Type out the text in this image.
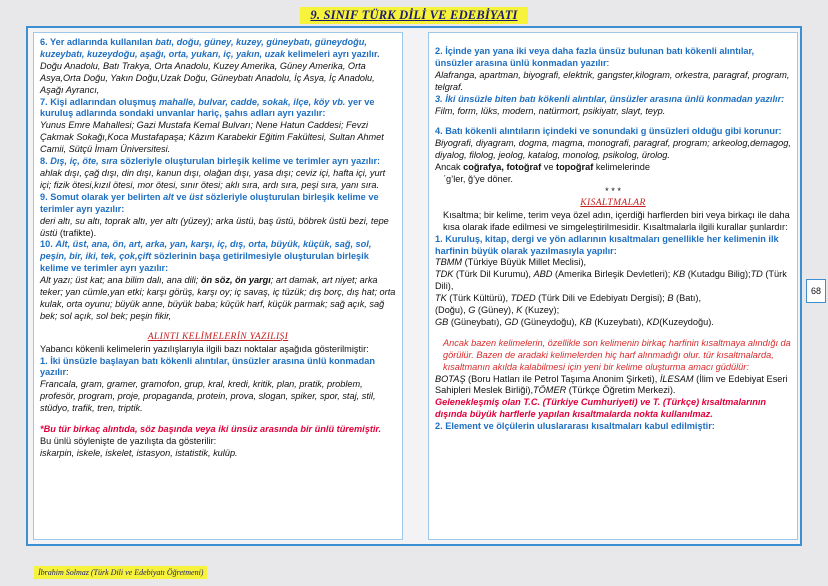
9. SINIF TÜRK DİLİ VE EDEBİYATI

6. Yer adlarında kullanılan batı, doğu, güney, kuzey, güneybatı, güneydoğu, kuzeybatı, kuzeydoğu, aşağı, orta, yukarı, iç, yakın, uzak kelimeleri ayrı yazılır.

Doğu Anadolu, Batı Trakya, Orta Anadolu, Kuzey Amerika, Güney Amerika, Orta Asya,Orta Doğu, Yakın Doğu,Uzak Doğu, Güneybatı Anadolu, İç Asya, İç Anadolu, Aşağı Ayrancı,

7. Kişi adlarından oluşmuş mahalle, bulvar, cadde, sokak, ilçe, köy vb. yer ve kuruluş adlarında sondaki unvanlar hariç, şahıs adları ayrı yazılır:

Yunus Emre Mahallesi; Gazi Mustafa Kemal Bulvarı; Nene Hatun Caddesi; Fevzi Çakmak Sokağı,Koca Mustafapaşa; Kâzım Karabekir Eğitim Fakültesi, Sultan Ahmet Camii, Sütçü İmam Üniversitesi.

8. Dış, iç, öte, sıra sözleriyle oluşturulan birleşik kelime ve terimler ayrı yazılır:

ahlak dışı, çağ dışı, din dışı, kanun dışı, olağan dışı, yasa dışı; ceviz içi, hafta içi, yurt içi; fizik ötesi,kızıl ötesi, mor ötesi, sınır ötesi; aklı sıra, ardı sıra, peşi sıra, yanı sıra.

9. Somut olarak yer belirten alt ve üst sözleriyle oluşturulan birleşik kelime ve terimler ayrı yazılır:

deri altı, su altı, toprak altı, yer altı (yüzey); arka üstü, baş üstü, böbrek üstü bezi, tepe üstü (trafikte).

10. Alt, üst, ana, ön, art, arka, yan, karşı, iç, dış, orta, büyük, küçük, sağ, sol, peşin, bir, iki, tek, çok,çift sözlerinin başa getirilmesiyle oluşturulan birleşik kelime ve terimler ayrı yazılır:

Alt yazı; üst kat; ana bilim dalı, ana dili; ön söz, ön yargı; art damak, art niyet; arka teker; yan cümle,yan etki; karşı görüş, karşı oy; iç savaş, iç tüzük; dış borç, dış hat; orta kulak, orta oyunu; büyük anne, büyük baba; küçük harf, küçük parmak; sağ açık, sağ bek; sol açık, sol bek; peşin fikir,

ALINTI KELİMELERİN YAZILIŞI

Yabancı kökenli kelimelerin yazılışlarıyla ilgili bazı noktalar aşağıda gösterilmiştir:

1. İki ünsüzle başlayan batı kökenli alıntılar, ünsüzler arasına ünlü konmadan yazılır:

Francala, gram, gramer, gramofon, grup, kral, kredi, kritik, plan, pratik, problem, profesör, program, proje, propaganda, protein, prova, slogan, spiker, spor, staj, stil, stüdyo, trafik, tren, triptik.

*Bu tür birkaç alıntıda, söz başında veya iki ünsüz arasında bir ünlü türemiştir.

Bu ünlü söylenişte de yazılışta da gösterilir:

iskarpin, iskele, iskelet, istasyon, istatistik, kulüp.

2. İçinde yan yana iki veya daha fazla ünsüz bulunan batı kökenli alıntılar, ünsüzler arasına ünlü konmadan yazılır:

Alafranga, apartman, biyografi, elektrik, gangster,kilogram, orkestra, paragraf, program, telgraf.

3. İki ünsüzle biten batı kökenli alıntılar, ünsüzler arasına ünlü konmadan yazılır:

Film, form, lüks, modern, natürmort, psikiyatr, slayt, teyp.

4. Batı kökenli alıntıların içindeki ve sonundaki g ünsüzleri olduğu gibi korunur:

Biyografi, diyagram, dogma, magma, monografi, paragraf, program; arkeolog,demagog, diyalog, filolog, jeolog, katalog, monolog, psikolog, ürolog.

Ancak coğrafya, fotoğraf ve topoğraf kelimelerinde

ˊg’ler, ğ’ye döner.

* * *

KISALTMALAR

Kısaltma; bir kelime, terim veya özel adın, içerdiği harflerden biri veya birkaçı ile daha kısa olarak ifade edilmesi ve simgeleştirilmesidir. Kısaltmalarla ilgili kurallar şunlardır:

1. Kuruluş, kitap, dergi ve yön adlarının kısaltmaları genellikle her kelimenin ilk harfinin büyük olarak yazılmasıyla yapılır:

TBMM (Türkiye Büyük Millet Meclisi),

TDK (Türk Dil Kurumu), ABD (Amerika Birleşik Devletleri); KB (Kutadgu Bilig);TD (Türk Dili),

TK (Türk Kültürü), TDED (Türk Dili ve Edebiyatı Dergisi); B (Batı),

(Doğu), G (Güney), K (Kuzey);

GB (Güneybatı), GD (Güneydoğu), KB (Kuzeybatı), KD(Kuzeydoğu).

Ancak bazen kelimelerin, özellikle son kelimenin birkaç harfinin kısaltmaya alındığı da görülür. Bazen de aradaki kelimelerden hiç harf alınmadığı olur. tür kısaltmalarda, kısaltmanın akılda kalabilmesi için yeni bir kelime oluşturma amacı güdülür:

BOTAŞ (Boru Hatları ile Petrol Taşıma Anonim Şirketi), İLESAM (İlim ve Edebiyat Eseri Sahipleri Meslek Birliği),TÖMER (Türkçe Öğretim Merkezi).

Gelenekleşmiş olan T.C. (Türkiye Cumhuriyeti) ve T. (Türkçe) kısaltmalarının dışında büyük harflerle yapılan kısaltmalarda nokta kullanılmaz.

2. Element ve ölçülerin uluslararası kısaltmaları kabul edilmiştir:

68
İbrahim Solmaz (Türk Dili ve Edebiyatı Öğretmeni)
